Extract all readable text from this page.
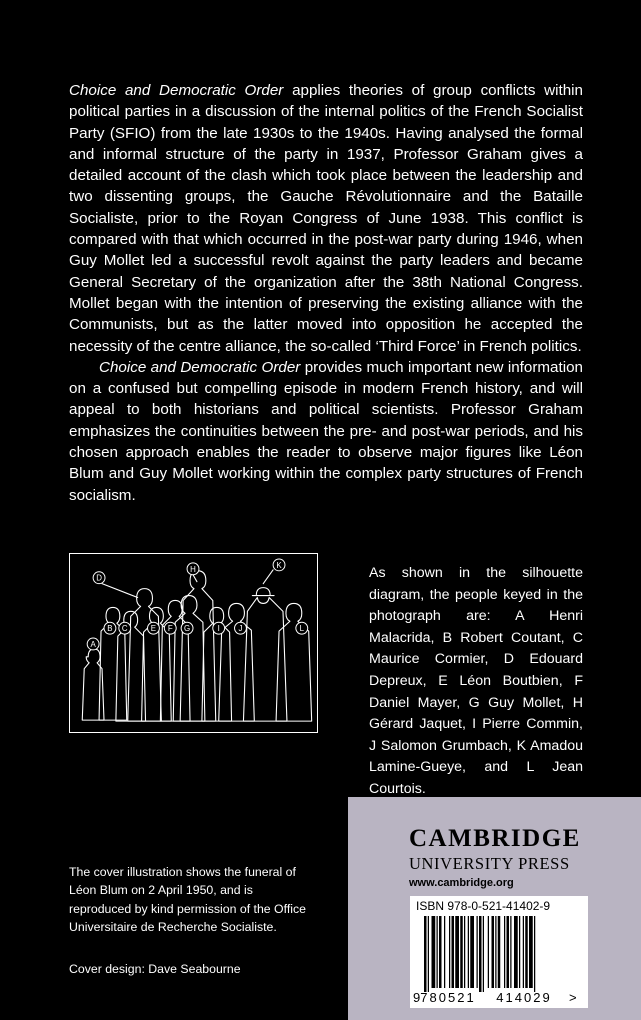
Choice and Democratic Order applies theories of group conflicts within political parties in a discussion of the internal politics of the French Socialist Party (SFIO) from the late 1930s to the 1940s. Having analysed the formal and informal structure of the party in 1937, Professor Graham gives a detailed account of the clash which took place between the leadership and two dissenting groups, the Gauche Révolutionnaire and the Bataille Socialiste, prior to the Royan Congress of June 1938. This conflict is compared with that which occurred in the post-war party during 1946, when Guy Mollet led a successful revolt against the party leaders and became General Secretary of the organization after the 38th National Congress. Mollet began with the intention of preserving the existing alliance with the Communists, but as the latter moved into opposition he accepted the necessity of the centre alliance, the so-called ‘Third Force’ in French politics.

Choice and Democratic Order provides much important new information on a confused but compelling episode in modern French history, and will appeal to both historians and political scientists. Professor Graham emphasizes the continuities between the pre- and post-war periods, and his chosen approach enables the reader to observe major figures like Léon Blum and Guy Mollet working within the complex party structures of French socialism.

A
B C
D
E F G
H
I J
K
L

As shown in the silhouette diagram, the people keyed in the photograph are: A Henri Malacrida, B Robert Coutant, C Maurice Cormier, D Edouard Depreux, E Léon Boutbien, F Daniel Mayer, G Guy Mollet, H Gérard Jaquet, I Pierre Commin, J Salomon Grumbach, K Amadou Lamine-Gueye, and L Jean Courtois.

CAMBRIDGE
UNIVERSITY PRESS
www.cambridge.org
9 780521 414029 >
ISBN 978-0-521-41402-9

The cover illustration shows the funeral of Léon Blum on 2 April 1950, and is reproduced by kind permission of the Office Universitaire de Recherche Socialiste.

Cover design: Dave Seabourne
